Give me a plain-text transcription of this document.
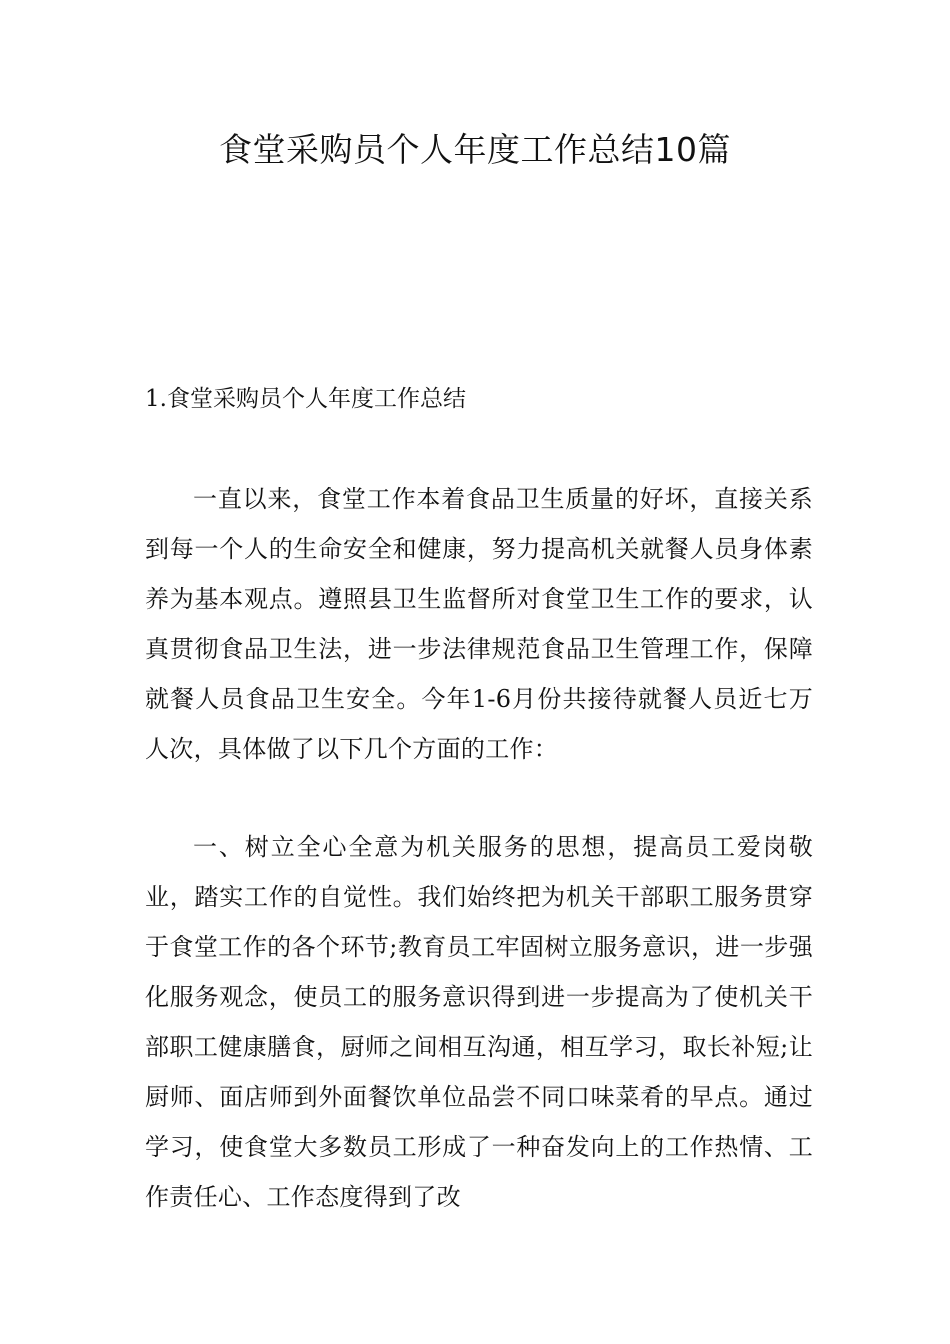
食堂采购员个人年度工作总结10篇
1.食堂采购员个人年度工作总结

一直以来，食堂工作本着食品卫生质量的好坏，直接关系到每一个人的生命安全和健康，努力提高机关就餐人员身体素养为基本观点。遵照县卫生监督所对食堂卫生工作的要求，认真贯彻食品卫生法，进一步法律规范食品卫生管理工作，保障就餐人员食品卫生安全。今年1-6月份共接待就餐人员近七万人次，具体做了以下几个方面的工作：

一、树立全心全意为机关服务的思想，提高员工爱岗敬业，踏实工作的自觉性。我们始终把为机关干部职工服务贯穿于食堂工作的各个环节;教育员工牢固树立服务意识，进一步强化服务观念，使员工的服务意识得到进一步提高为了使机关干部职工健康膳食，厨师之间相互沟通，相互学习，取长补短;让厨师、面店师到外面餐饮单位品尝不同口味菜肴的早点。通过学习，使食堂大多数员工形成了一种奋发向上的工作热情、工作责任心、工作态度得到了改
